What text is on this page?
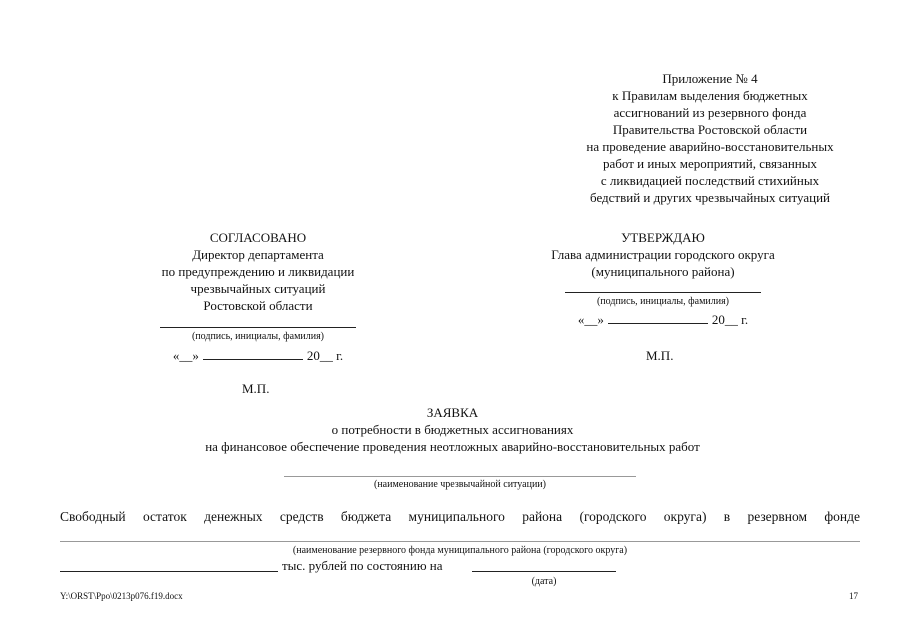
Приложение № 4
к Правилам выделения бюджетных
ассигнований из резервного фонда
Правительства Ростовской области
на проведение аварийно-восстановительных
работ и иных мероприятий, связанных
с ликвидацией последствий стихийных
бедствий и других чрезвычайных ситуаций
СОГЛАСОВАНО
Директор департамента
по предупреждению и ликвидации
чрезвычайных ситуаций
Ростовской области
(подпись, инициалы, фамилия)
«__»	20__ г.
М.П.
УТВЕРЖДАЮ
Глава администрации городского округа
(муниципального района)
(подпись, инициалы, фамилия)
«__»	20__ г.
М.П.
ЗАЯВКА
о потребности в бюджетных ассигнованиях
на финансовое обеспечение проведения неотложных аварийно-восстановительных работ
(наименование чрезвычайной ситуации)
Свободный остаток денежных средств бюджета муниципального района (городского округа) в резервном фонде
(наименование резервного фонда муниципального района (городского округа)
тыс. рублей по состоянию на
(дата)
Y:\ORST\Ppo\0213p076.f19.docx	17
